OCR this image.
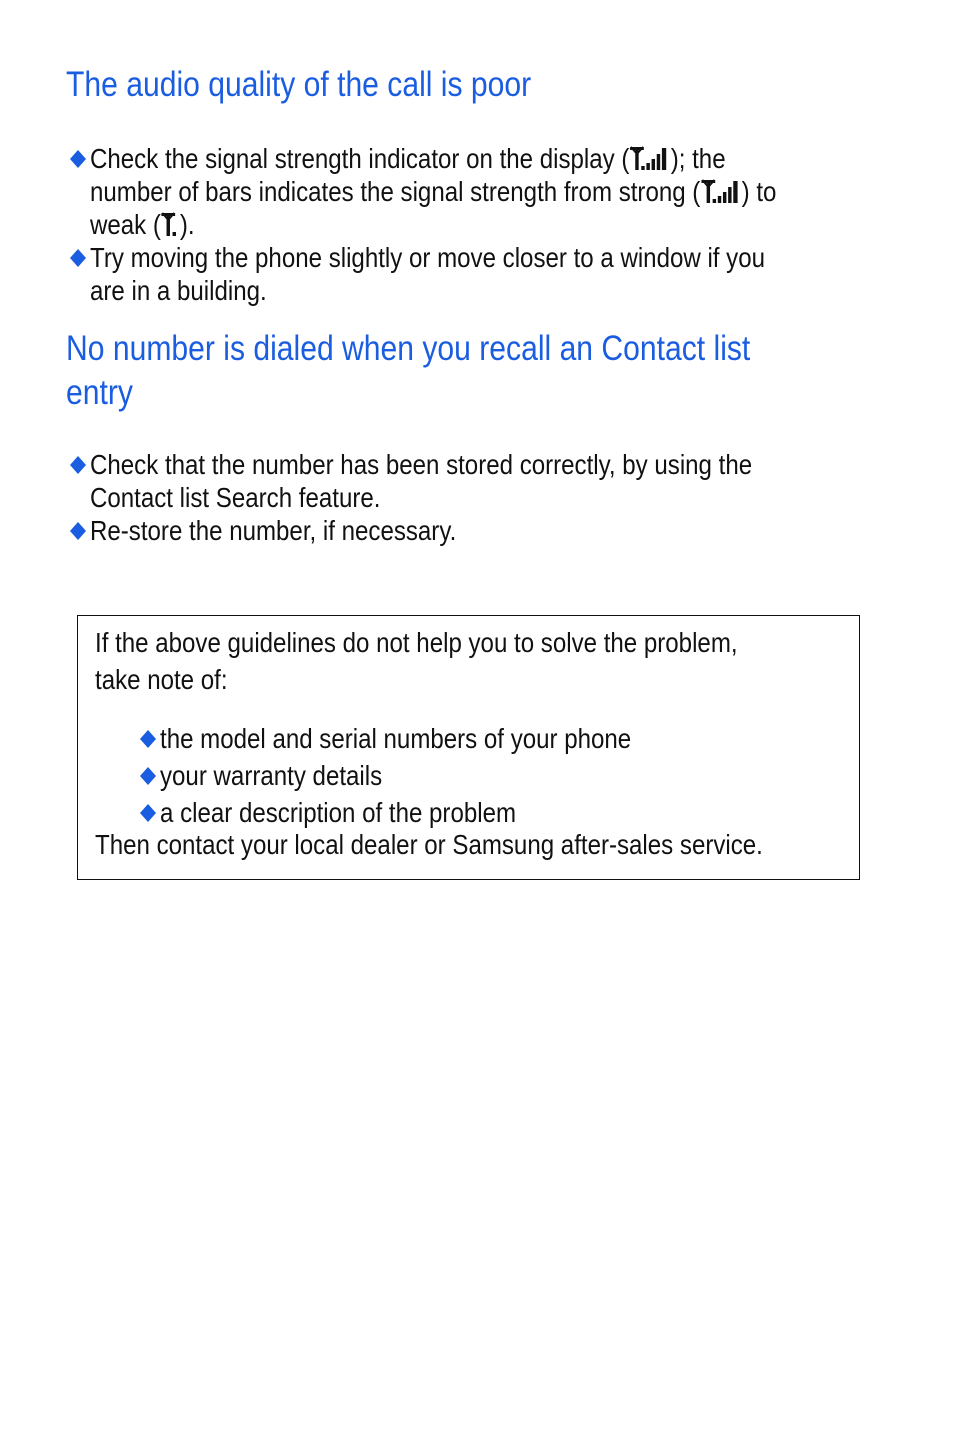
The audio quality of the call is poor
Check the signal strength indicator on the display ( ); the
number of bars indicates the signal strength from strong ( ) to
weak ( ).
Try moving the phone slightly or move closer to a window if you
are in a building.
No number is dialed when you recall an Contact list
entry
Check that the number has been stored correctly, by using the
Contact list Search feature.
Re-store the number, if necessary.

If the above guidelines do not help you to solve the problem,

take note of:

the model and serial numbers of your phone
your warranty details
a clear description of the problem

Then contact your local dealer or Samsung after-sales service.
